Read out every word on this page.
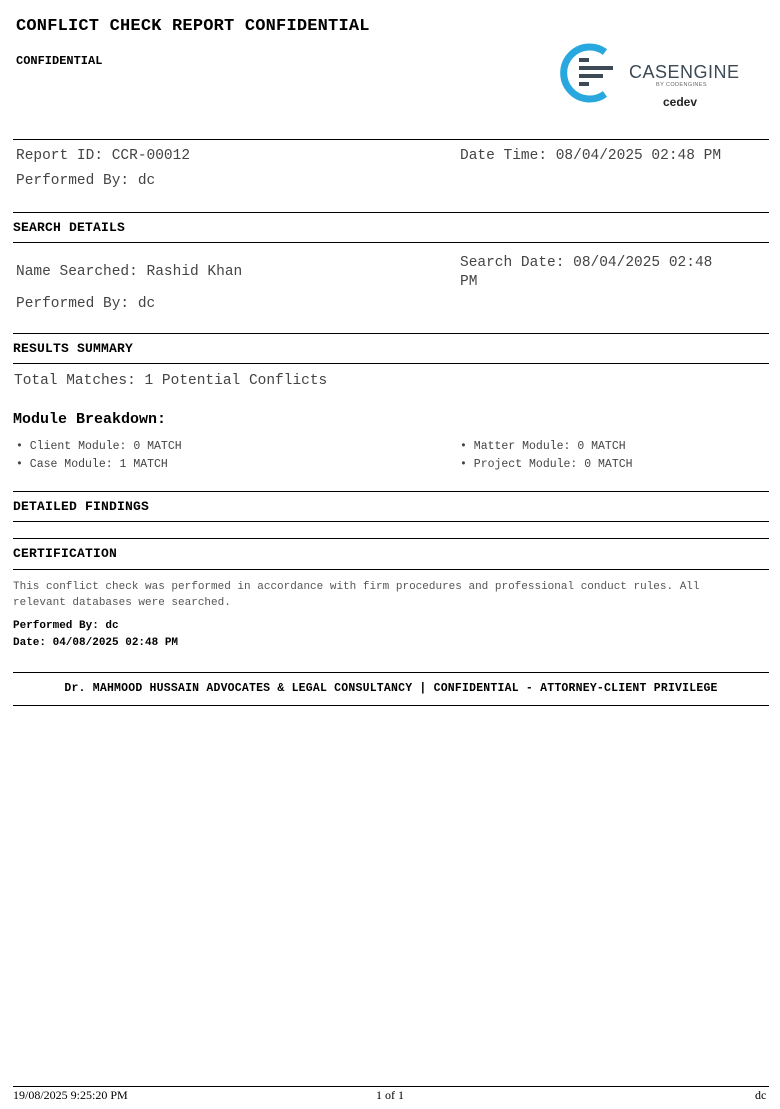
CONFLICT CHECK REPORT CONFIDENTIAL
CONFIDENTIAL
CASENGINE
BY CODENGINES
cedev
Report ID: CCR-00012	Date Time: 08/04/2025 02:48 PM
Performed By: dc
SEARCH DETAILS
Name Searched: Rashid Khan
Search Date: 08/04/2025 02:48
PM
Performed By: dc
RESULTS SUMMARY
Total Matches: 1 Potential Conflicts
Module Breakdown:
• Client Module: 0 MATCH
• Case Module: 1 MATCH
• Matter Module: 0 MATCH
• Project Module: 0 MATCH
DETAILED FINDINGS
CERTIFICATION
This conflict check was performed in accordance with firm procedures and professional conduct rules. All relevant databases were searched.
Performed By: dc
Date: 04/08/2025 02:48 PM
Dr. MAHMOOD HUSSAIN ADVOCATES & LEGAL CONSULTANCY | CONFIDENTIAL - ATTORNEY-CLIENT PRIVILEGE
19/08/2025 9:25:20 PM	1 of 1	dc
